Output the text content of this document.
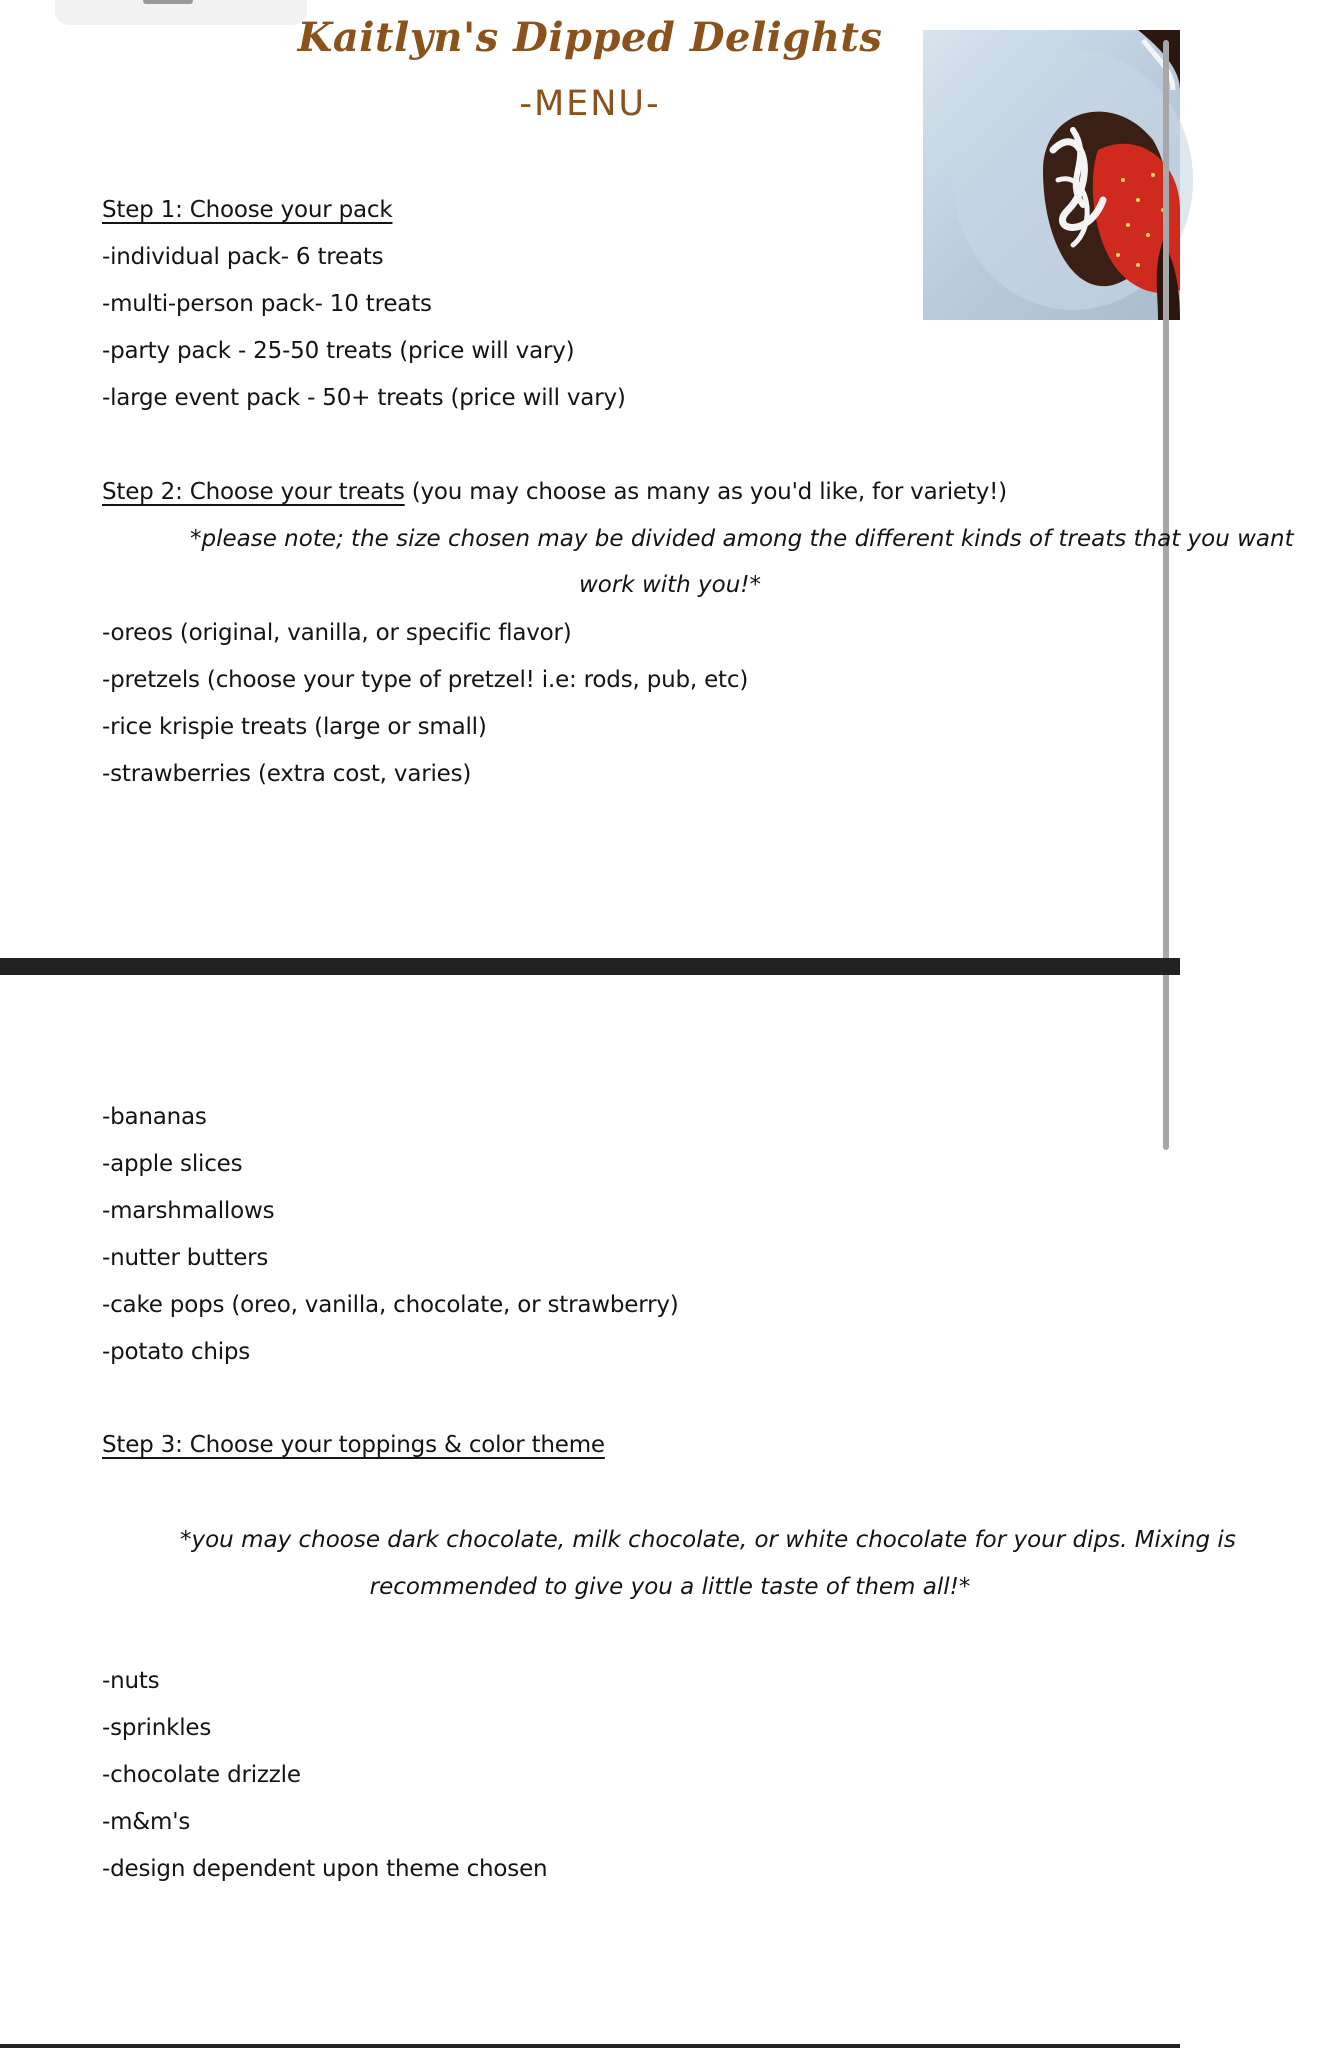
Kaitlyn's Dipped Delights
-MENU-
Step 1: Choose your pack
-individual pack- 6 treats
-multi-person pack- 10 treats
-party pack - 25-50 treats (price will vary)
-large event pack - 50+ treats (price will vary)
Step 2: Choose your treats (you may choose as many as you'd like, for variety!)
*please note; the size chosen may be divided among the different kinds of treats that you want
work with you!*
-oreos (original, vanilla, or specific flavor)
-pretzels (choose your type of pretzel! i.e: rods, pub, etc)
-rice krispie treats (large or small)
-strawberries (extra cost, varies)
-bananas
-apple slices
-marshmallows
-nutter butters
-cake pops (oreo, vanilla, chocolate, or strawberry)
-potato chips
Step 3: Choose your toppings & color theme
*you may choose dark chocolate, milk chocolate, or white chocolate for your dips. Mixing is
recommended to give you a little taste of them all!*
-nuts
-sprinkles
-chocolate drizzle
-m&m's
-design dependent upon theme chosen
